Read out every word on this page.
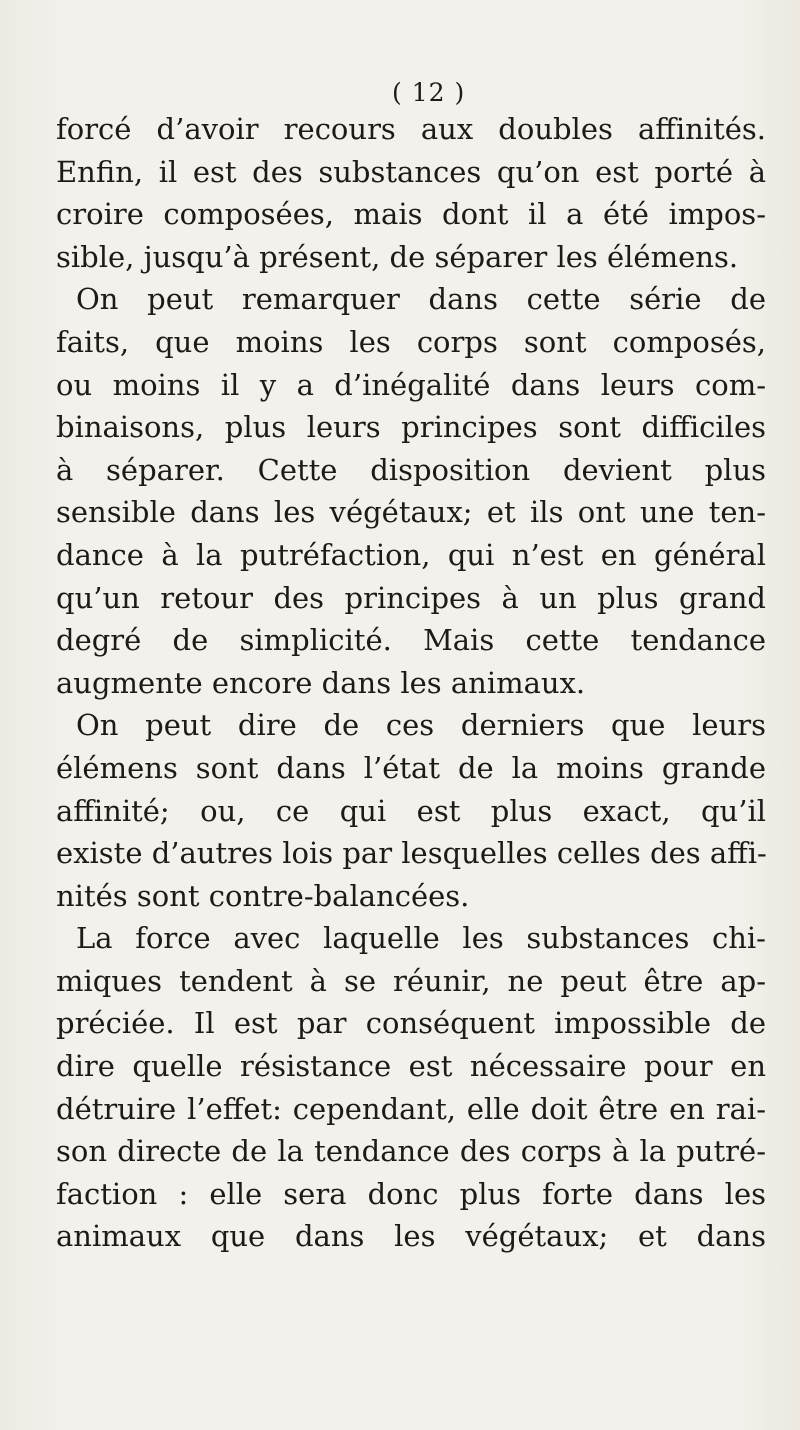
( 12 )
forcé d’avoir recours aux doubles affinités.
Enfin, il est des substances qu’on est porté à
croire composées, mais dont il a été impos-
sible, jusqu’à présent, de séparer les élémens.
On peut remarquer dans cette série de
faits, que moins les corps sont composés,
ou moins il y a d’inégalité dans leurs com-
binaisons, plus leurs principes sont difficiles
à séparer. Cette disposition devient plus
sensible dans les végétaux; et ils ont une ten-
dance à la putréfaction, qui n’est en général
qu’un retour des principes à un plus grand
degré de simplicité. Mais cette tendance
augmente encore dans les animaux.
On peut dire de ces derniers que leurs
élémens sont dans l’état de la moins grande
affinité; ou, ce qui est plus exact, qu’il
existe d’autres lois par lesquelles celles des affi-
nités sont contre-balancées.
La force avec laquelle les substances chi-
miques tendent à se réunir, ne peut être ap-
préciée. Il est par conséquent impossible de
dire quelle résistance est nécessaire pour en
détruire l’effet: cependant, elle doit être en rai-
son directe de la tendance des corps à la putré-
faction : elle sera donc plus forte dans les
animaux que dans les végétaux; et dans
